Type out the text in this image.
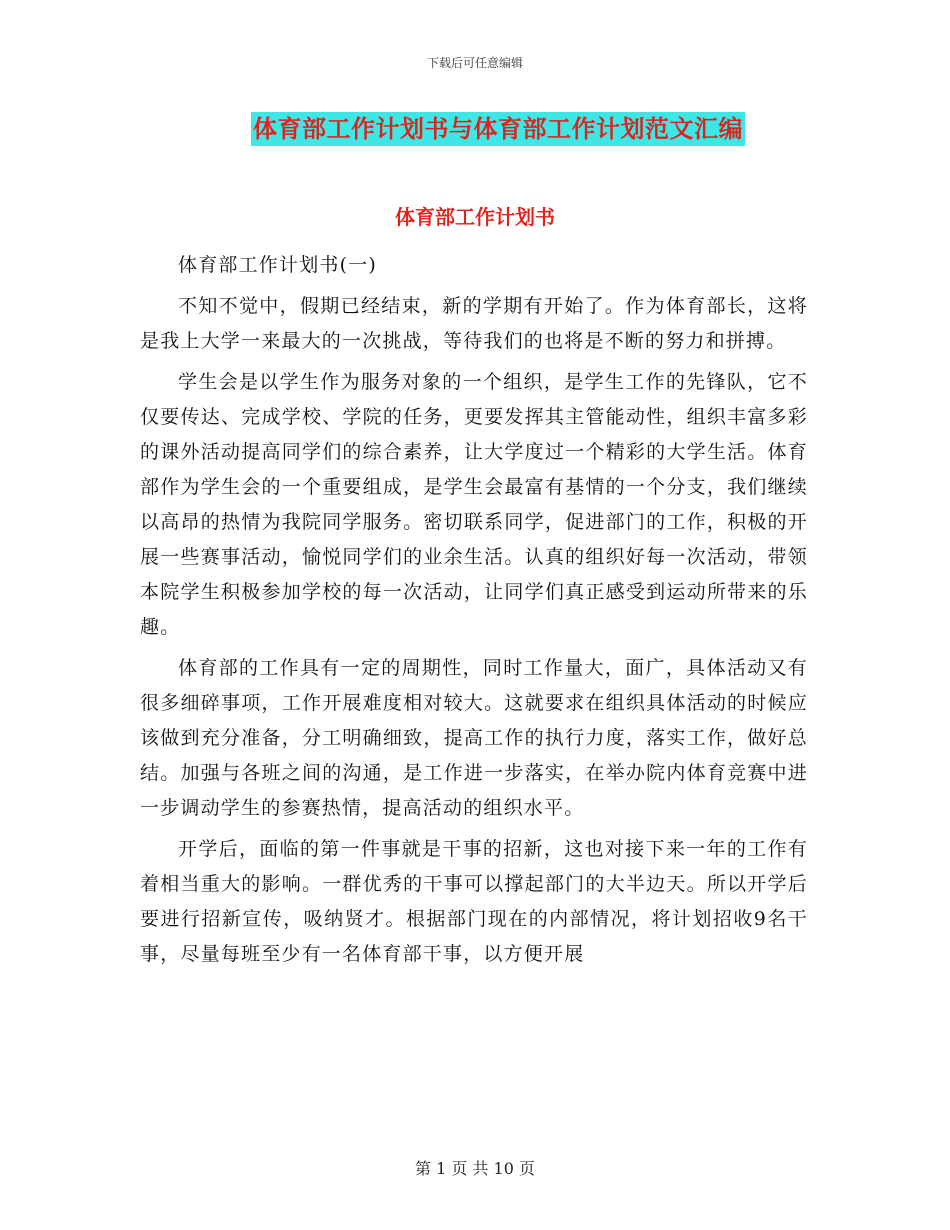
下载后可任意编辑
体育部工作计划书与体育部工作计划范文汇编
体育部工作计划书

体育部工作计划书(一)

不知不觉中，假期已经结束，新的学期有开始了。作为体育部长，这将是我上大学一来最大的一次挑战，等待我们的也将是不断的努力和拼搏。

学生会是以学生作为服务对象的一个组织，是学生工作的先锋队，它不仅要传达、完成学校、学院的任务，更要发挥其主管能动性，组织丰富多彩的课外活动提高同学们的综合素养，让大学度过一个精彩的大学生活。体育部作为学生会的一个重要组成，是学生会最富有基情的一个分支，我们继续以高昂的热情为我院同学服务。密切联系同学，促进部门的工作，积极的开展一些赛事活动，愉悦同学们的业余生活。认真的组织好每一次活动，带领本院学生积极参加学校的每一次活动，让同学们真正感受到运动所带来的乐趣。

体育部的工作具有一定的周期性，同时工作量大，面广，具体活动又有很多细碎事项，工作开展难度相对较大。这就要求在组织具体活动的时候应该做到充分准备，分工明确细致，提高工作的执行力度，落实工作，做好总结。加强与各班之间的沟通，是工作进一步落实，在举办院内体育竞赛中进一步调动学生的参赛热情，提高活动的组织水平。

开学后，面临的第一件事就是干事的招新，这也对接下来一年的工作有着相当重大的影响。一群优秀的干事可以撑起部门的大半边天。所以开学后要进行招新宣传，吸纳贤才。根据部门现在的内部情况，将计划招收9名干事，尽量每班至少有一名体育部干事，以方便开展

第 1 页 共 10 页
